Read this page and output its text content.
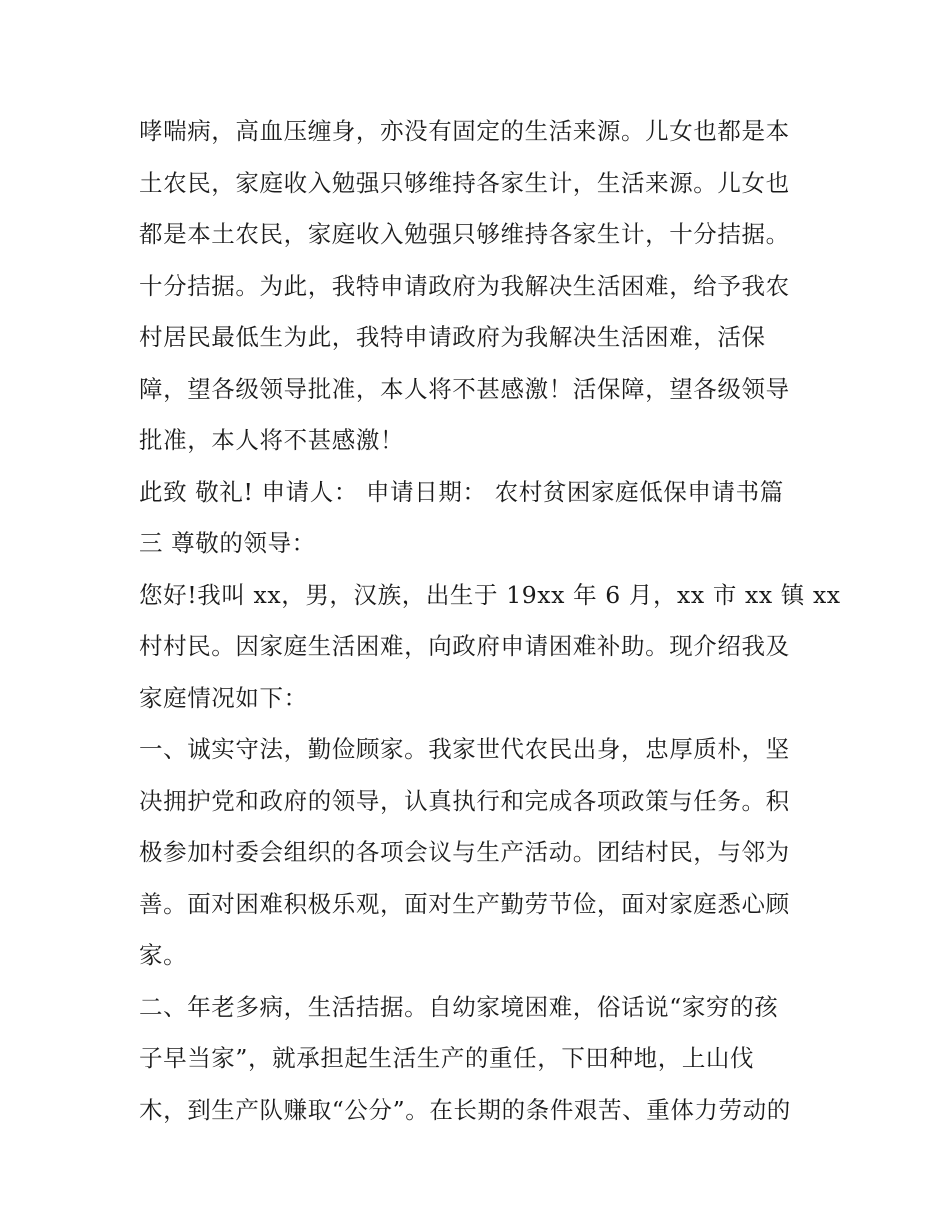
哮喘病，高血压缠身，亦没有固定的生活来源。儿女也都是本
土农民，家庭收入勉强只够维持各家生计，生活来源。儿女也
都是本土农民，家庭收入勉强只够维持各家生计，十分拮据。
十分拮据。为此，我特申请政府为我解决生活困难，给予我农
村居民最低生为此，我特申请政府为我解决生活困难，活保
障，望各级领导批准，本人将不甚感激！活保障，望各级领导
批准，本人将不甚感激！
此致 敬礼! 申请人： 申请日期： 农村贫困家庭低保申请书篇
三 尊敬的领导：
您好!我叫 xx，男，汉族，出生于 19xx 年 6 月，xx 市 xx 镇 xx
村村民。因家庭生活困难，向政府申请困难补助。现介绍我及
家庭情况如下：
一、诚实守法，勤俭顾家。我家世代农民出身，忠厚质朴，坚
决拥护党和政府的领导，认真执行和完成各项政策与任务。积
极参加村委会组织的各项会议与生产活动。团结村民，与邻为
善。面对困难积极乐观，面对生产勤劳节俭，面对家庭悉心顾
家。
二、年老多病，生活拮据。自幼家境困难，俗话说“家穷的孩
子早当家”，就承担起生活生产的重任，下田种地，上山伐
木，到生产队赚取“公分”。在长期的条件艰苦、重体力劳动的
